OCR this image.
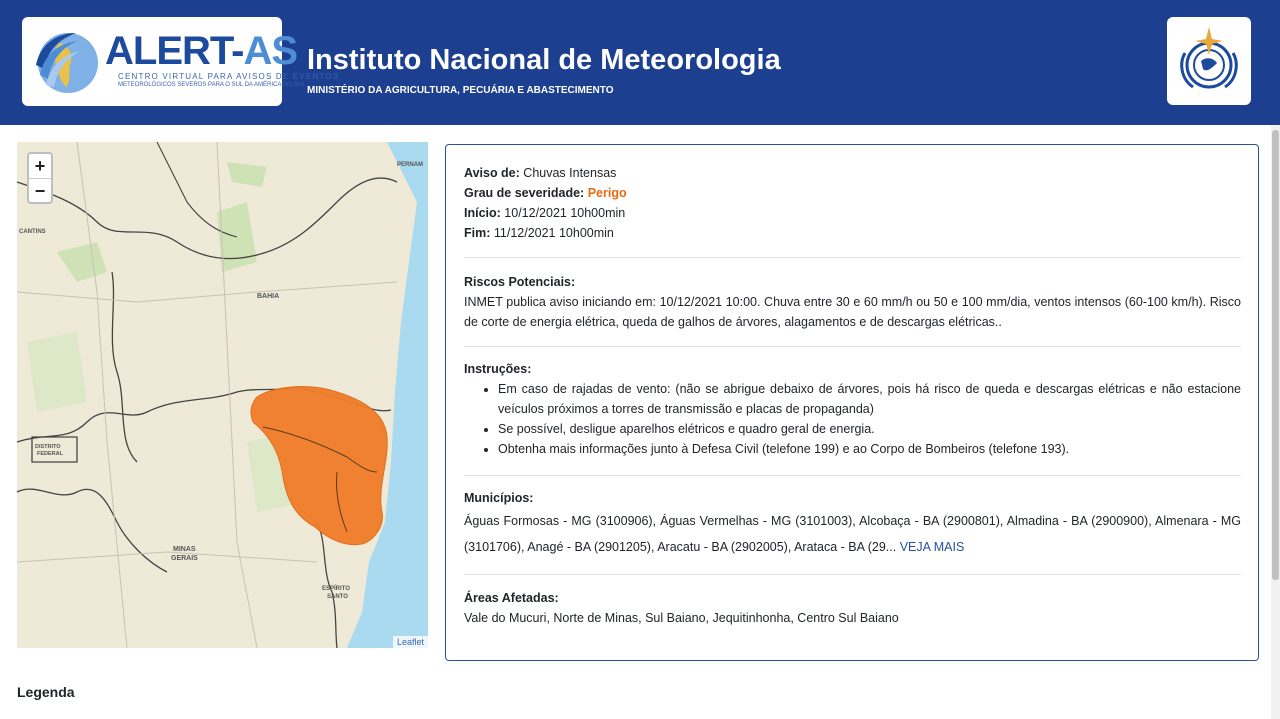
ALERT-AS
CENTRO VIRTUAL PARA AVISOS DE EVENTOS
METEOROLÓGICOS SEVEROS PARA O SUL DA AMÉRICA DO SUL
Instituto Nacional de Meteorologia
MINISTÉRIO DA AGRICULTURA, PECUÁRIA E ABASTECIMENTO
BAHIA
MINAS
GERAIS
ESPÍRITO
SANTO
DISTRITO
FEDERAL
CANTINS
PERNAM
+
−
Leaflet
Aviso de: Chuvas Intensas
Grau de severidade: Perigo
Início: 10/12/2021 10h00min
Fim: 11/12/2021 10h00min
Riscos Potenciais:
INMET publica aviso iniciando em: 10/12/2021 10:00. Chuva entre 30 e 60 mm/h ou 50 e 100 mm/dia, ventos intensos (60-100 km/h). Risco de corte de energia elétrica, queda de galhos de árvores, alagamentos e de descargas elétricas..
Instruções:
• Em caso de rajadas de vento: (não se abrigue debaixo de árvores, pois há risco de queda e descargas elétricas e não estacione veículos próximos a torres de transmissão e placas de propaganda)
• Se possível, desligue aparelhos elétricos e quadro geral de energia.
• Obtenha mais informações junto à Defesa Civil (telefone 199) e ao Corpo de Bombeiros (telefone 193).
Municípios:
Águas Formosas - MG (3100906), Águas Vermelhas - MG (3101003), Alcobaça - BA (2900801), Almadina - BA (2900900), Almenara - MG (3101706), Anagé - BA (2901205), Aracatu - BA (2902005), Arataca - BA (29... VEJA MAIS
Áreas Afetadas:
Vale do Mucuri, Norte de Minas, Sul Baiano, Jequitinhonha, Centro Sul Baiano
Legenda
